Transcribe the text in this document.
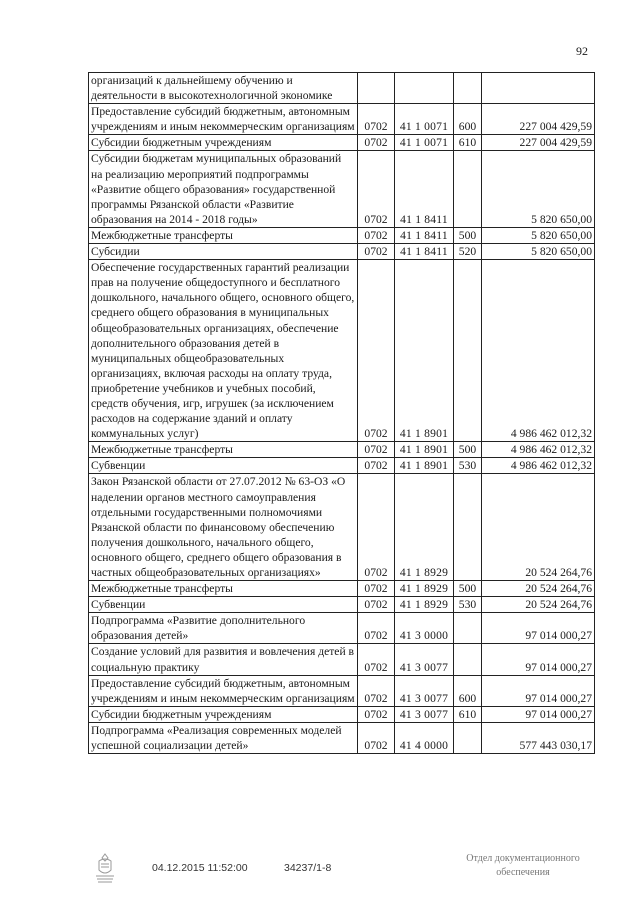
92
организаций к дальнейшему обучению и деятельности в высокотехнологичной экономике				
Предоставление субсидий бюджетным, автономным учреждениям и иным некоммерческим организациям	0702	41 1 0071	600	227 004 429,59
Субсидии бюджетным учреждениям	0702	41 1 0071	610	227 004 429,59
Субсидии бюджетам муниципальных образований на реализацию мероприятий подпрограммы «Развитие общего образования» государственной программы Рязанской области «Развитие образования на 2014 - 2018 годы»	0702	41 1 8411		5 820 650,00
Межбюджетные трансферты	0702	41 1 8411	500	5 820 650,00
Субсидии	0702	41 1 8411	520	5 820 650,00
Обеспечение государственных гарантий реализации прав на получение общедоступного и бесплатного дошкольного, начального общего, основного общего, среднего общего образования в муниципальных общеобразовательных организациях, обеспечение дополнительного образования детей в муниципальных общеобразовательных организациях, включая расходы на оплату труда, приобретение учебников и учебных пособий, средств обучения, игр, игрушек (за исключением расходов на содержание зданий и оплату коммунальных услуг)	0702	41 1 8901		4 986 462 012,32
Межбюджетные трансферты	0702	41 1 8901	500	4 986 462 012,32
Субвенции	0702	41 1 8901	530	4 986 462 012,32
Закон Рязанской области от 27.07.2012 № 63-ОЗ «О наделении органов местного самоуправления отдельными государственными полномочиями Рязанской области по финансовому обеспечению получения дошкольного, начального общего, основного общего, среднего общего образования в частных общеобразовательных организациях»	0702	41 1 8929		20 524 264,76
Межбюджетные трансферты	0702	41 1 8929	500	20 524 264,76
Субвенции	0702	41 1 8929	530	20 524 264,76
Подпрограмма «Развитие дополнительного образования детей»	0702	41 3 0000		97 014 000,27
Создание условий для развития и вовлечения детей в социальную практику	0702	41 3 0077		97 014 000,27
Предоставление субсидий бюджетным, автономным учреждениям и иным некоммерческим организациям	0702	41 3 0077	600	97 014 000,27
Субсидии бюджетным учреждениям	0702	41 3 0077	610	97 014 000,27
Подпрограмма «Реализация современных моделей успешной социализации детей»	0702	41 4 0000		577 443 030,17
04.12.2015 11:52:00	34237/1-8
Отдел документационного
обеспечения
